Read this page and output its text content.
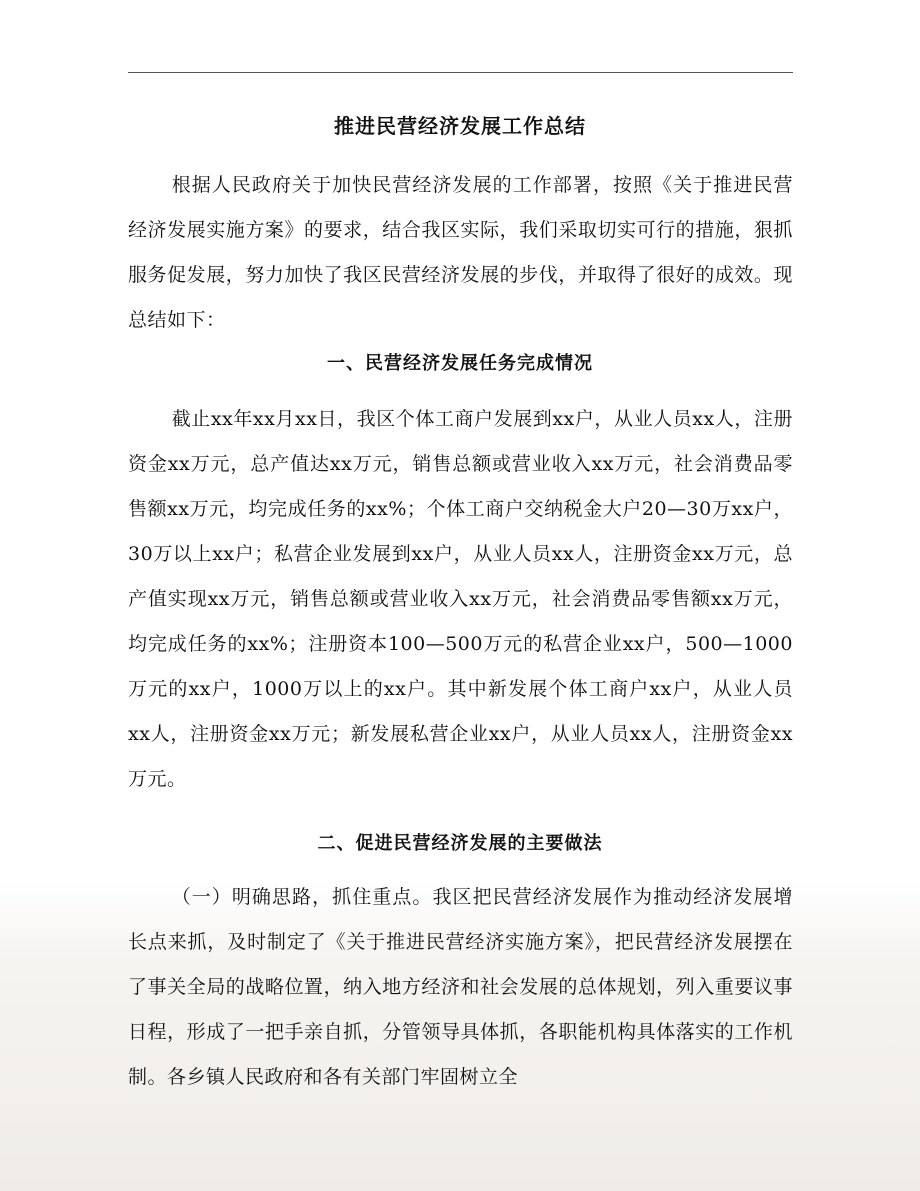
推进民营经济发展工作总结

根据人民政府关于加快民营经济发展的工作部署，按照《关于推进民营经济发展实施方案》的要求，结合我区实际，我们采取切实可行的措施，狠抓服务促发展，努力加快了我区民营经济发展的步伐，并取得了很好的成效。现总结如下：

一、民营经济发展任务完成情况

截止xx年xx月xx日，我区个体工商户发展到xx户，从业人员xx人，注册资金xx万元，总产值达xx万元，销售总额或营业收入xx万元，社会消费品零售额xx万元，均完成任务的xx%；个体工商户交纳税金大户20—30万xx户，30万以上xx户；私营企业发展到xx户，从业人员xx人，注册资金xx万元，总产值实现xx万元，销售总额或营业收入xx万元，社会消费品零售额xx万元，均完成任务的xx%；注册资本100—500万元的私营企业xx户，500—1000万元的xx户，1000万以上的xx户。其中新发展个体工商户xx户，从业人员xx人，注册资金xx万元；新发展私营企业xx户，从业人员xx人，注册资金xx万元。

二、促进民营经济发展的主要做法

（一）明确思路，抓住重点。我区把民营经济发展作为推动经济发展增长点来抓，及时制定了《关于推进民营经济实施方案》，把民营经济发展摆在了事关全局的战略位置，纳入地方经济和社会发展的总体规划，列入重要议事日程，形成了一把手亲自抓，分管领导具体抓，各职能机构具体落实的工作机制。各乡镇人民政府和各有关部门牢固树立全
